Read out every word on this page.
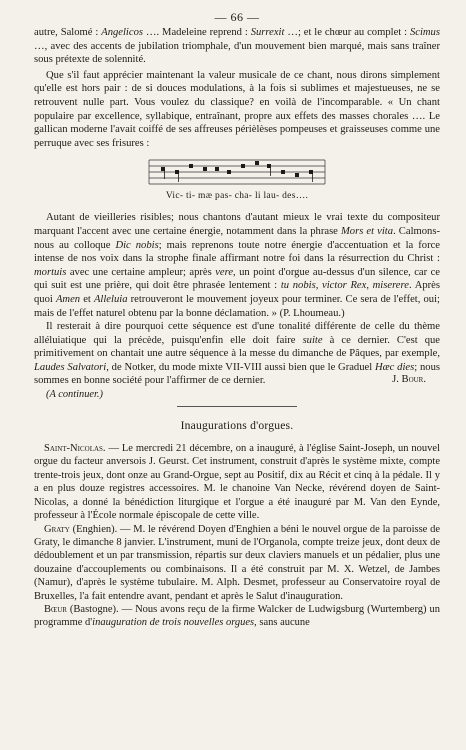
— 66 —

autre, Salomé : Angelicos …. Madeleine reprend : Surrexit …; et le chœur au complet : Scimus …, avec des accents de jubilation triomphale, d'un mouvement bien marqué, mais sans traîner sous prétexte de solennité.

Que s'il faut apprécier maintenant la valeur musicale de ce chant, nous dirons simplement qu'elle est hors pair : de si douces modulations, à la fois si sublimes et majestueuses, ne se retrouvent nulle part. Vous voulez du classique? en voilà de l'incomparable. « Un chant populaire par excellence, syllabique, entraînant, propre aux effets des masses chorales …. Le gallican moderne l'avait coiffé de ses affreuses périèlèses pompeuses et graisseuses comme une perruque avec ses frisures :

Vic- ti- mæ pas- cha- li lau- des….

Autant de vieilleries risibles; nous chantons d'autant mieux le vrai texte du compositeur marquant l'accent avec une certaine énergie, notamment dans la phrase Mors et vita. Calmons-nous au colloque Dic nobis; mais reprenons toute notre énergie d'accentuation et la force intense de nos voix dans la strophe finale affirmant notre foi dans la résurrection du Christ : mortuis avec une certaine ampleur; après vere, un point d'orgue au-dessus d'un silence, car ce qui suit est une prière, qui doit être phrasée lentement : tu nobis, victor Rex, miserere. Après quoi Amen et Alleluia retrouveront le mouvement joyeux pour terminer. Ce sera de l'effet, oui; mais de l'effet naturel obtenu par la bonne déclamation. » (P. Lhoumeau.)

Il resterait à dire pourquoi cette séquence est d'une tonalité différente de celle du thème alléluiatique qui la précède, puisqu'enfin elle doit faire suite à ce dernier. C'est que primitivement on chantait une autre séquence à la messe du dimanche de Pâques, par exemple, Laudes Salvatori, de Notker, du mode mixte VII-VIII aussi bien que le Graduel Hæc dies; nous sommes en bonne société pour l'affirmer de ce dernier.	J. Bour.
(A continuer.)
Inaugurations d'orgues.

Saint-Nicolas. — Le mercredi 21 décembre, on a inauguré, à l'église Saint-Joseph, un nouvel orgue du facteur anversois J. Geurst. Cet instrument, construit d'après le système mixte, compte trente-trois jeux, dont onze au Grand-Orgue, sept au Positif, dix au Récit et cinq à la pédale. Il y a en plus douze registres accessoires. M. le chanoine Van Necke, révérend doyen de Saint-Nicolas, a donné la bénédiction liturgique et l'orgue a été inauguré par M. Van den Eynde, professeur à l'École normale épiscopale de cette ville.

Graty (Enghien). — M. le révérend Doyen d'Enghien a béni le nouvel orgue de la paroisse de Graty, le dimanche 8 janvier. L'instrument, muni de l'Organola, compte treize jeux, dont deux de dédoublement et un par transmission, répartis sur deux claviers manuels et un pédalier, plus une douzaine d'accouplements ou combinaisons. Il a été construit par M. X. Wetzel, de Jambes (Namur), d'après le système tubulaire. M. Alph. Desmet, professeur au Conservatoire royal de Bruxelles, l'a fait entendre avant, pendant et après le Salut d'inauguration.

Bœur (Bastogne). — Nous avons reçu de la firme Walcker de Ludwigsburg (Wurtemberg) un programme d'inauguration de trois nouvelles orgues, sans aucune
